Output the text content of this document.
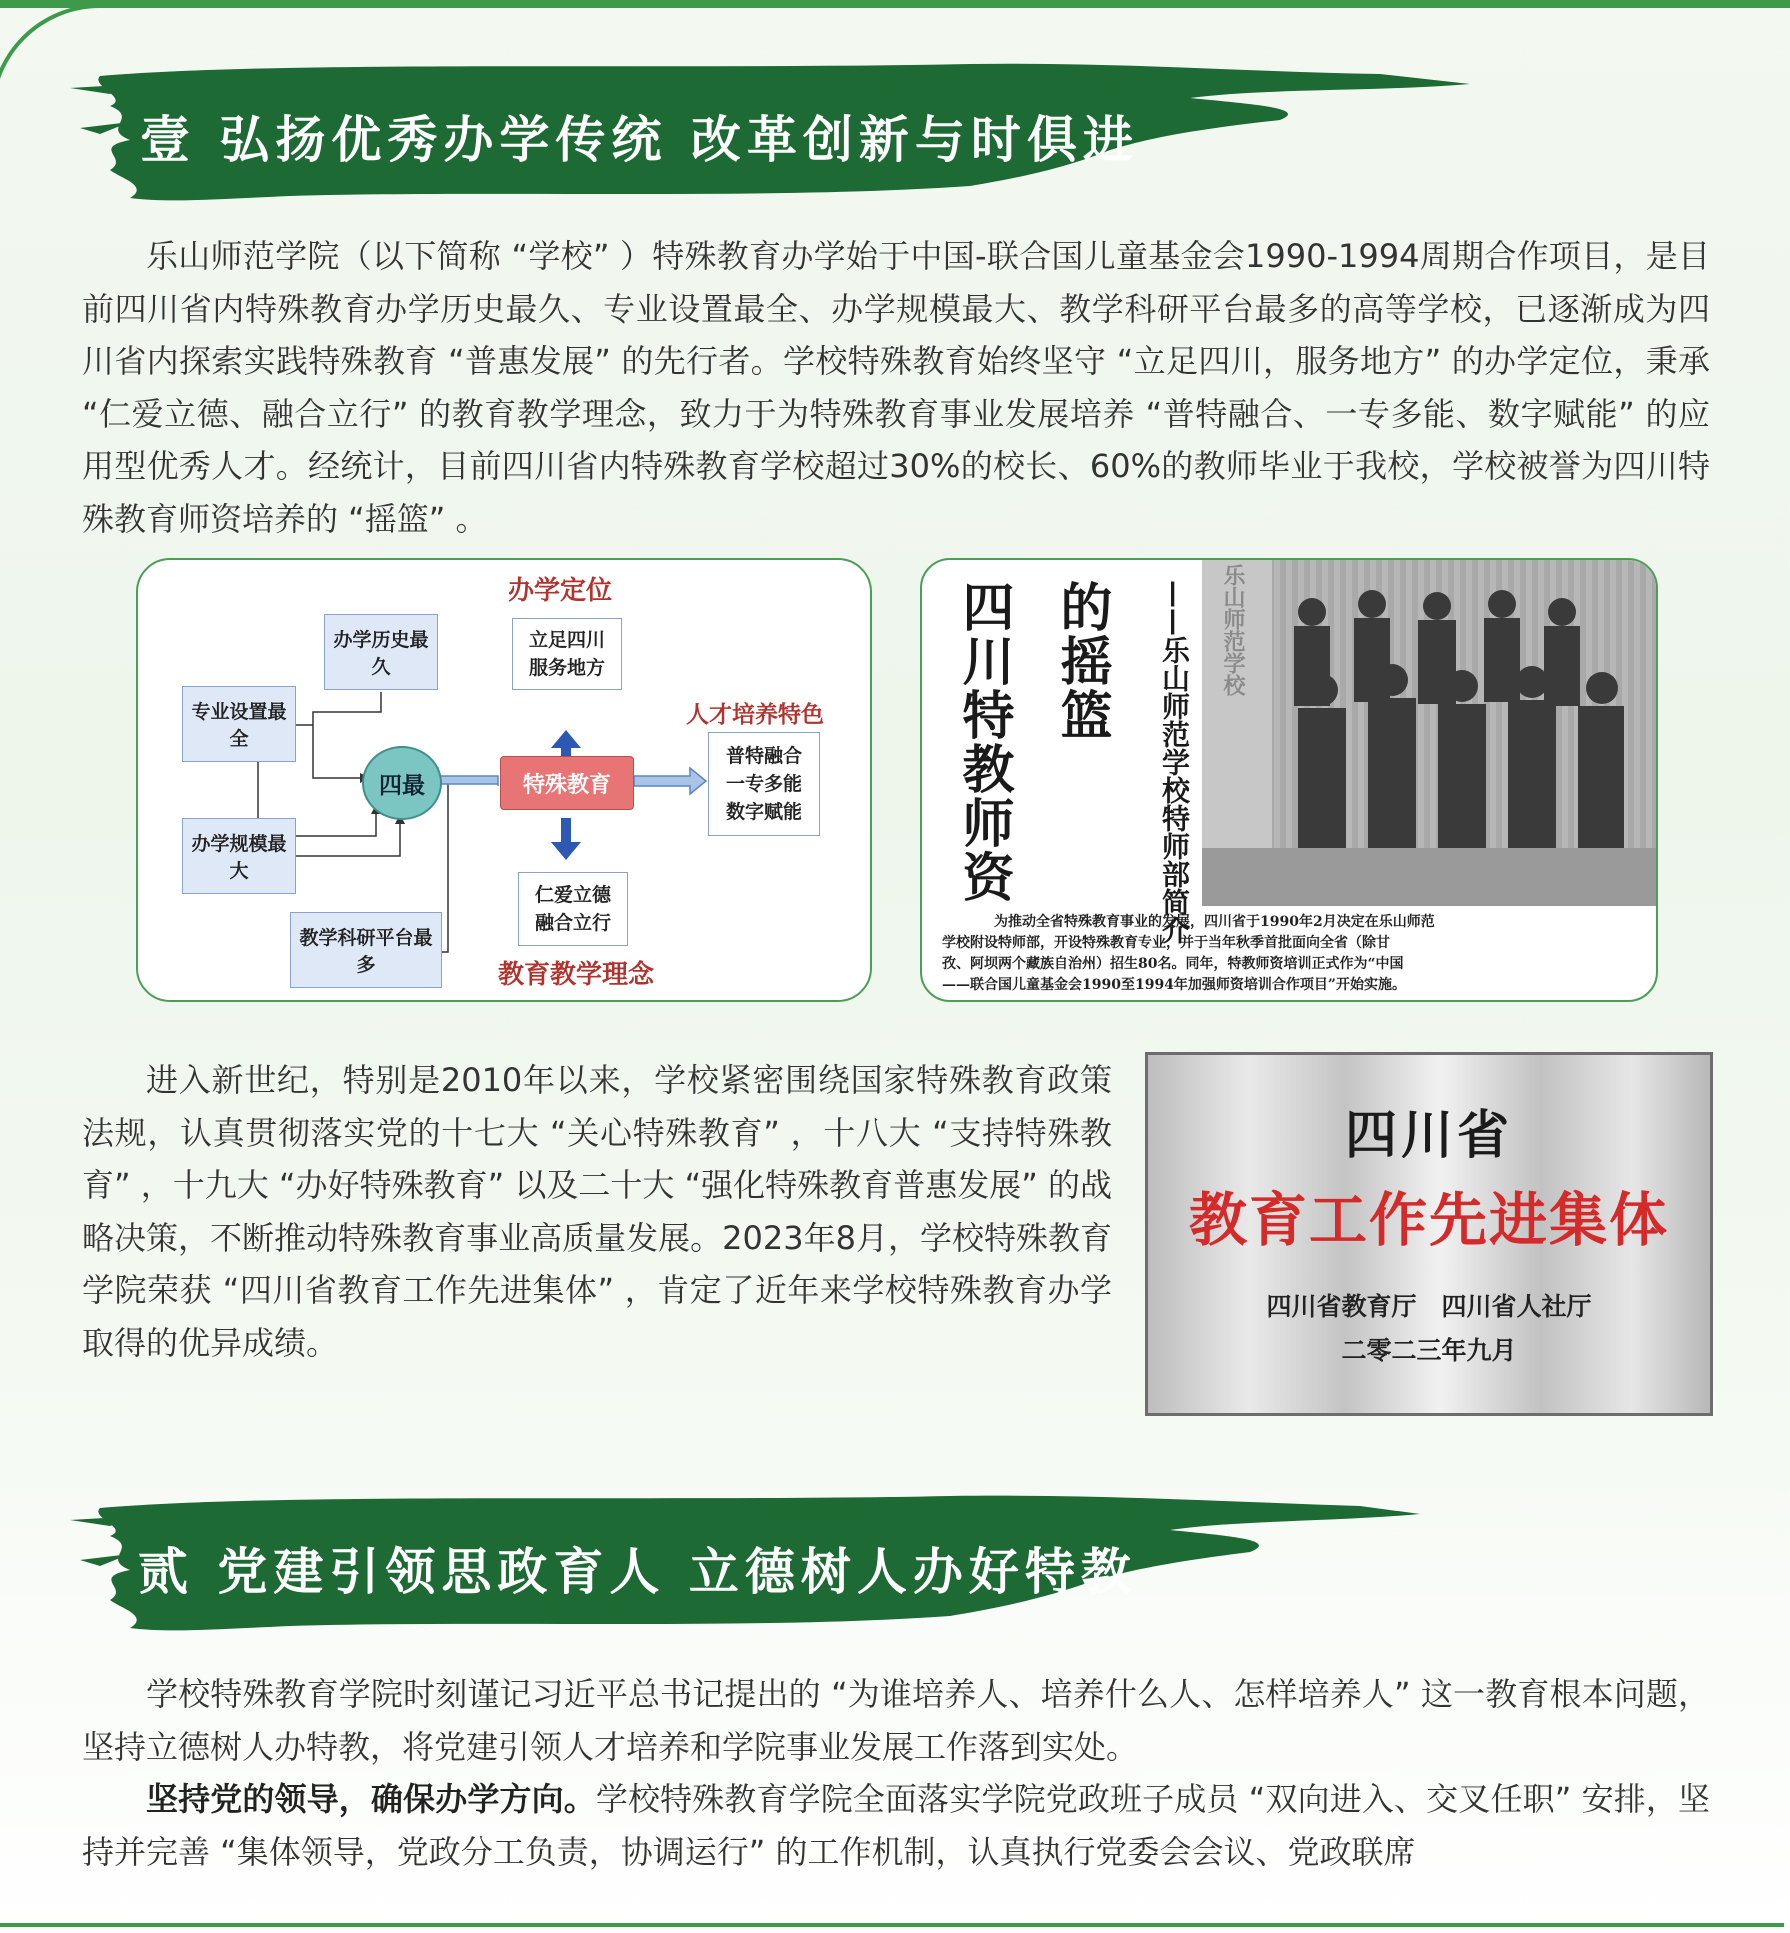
壹 弘扬优秀办学传统 改革创新与时俱进

乐山师范学院（以下简称 “学校” ）特殊教育办学始于中国-联合国儿童基金会1990-1994周期合作项目，是目前四川省内特殊教育办学历史最久、专业设置最全、办学规模最大、教学科研平台最多的高等学校，已逐渐成为四川省内探索实践特殊教育 “普惠发展” 的先行者。学校特殊教育始终坚守 “立足四川，服务地方” 的办学定位，秉承 “仁爱立德、融合立行” 的教育教学理念，致力于为特殊教育事业发展培养 “普特融合、一专多能、数字赋能” 的应用型优秀人才。经统计，目前四川省内特殊教育学校超过30%的校长、60%的教师毕业于我校，学校被誉为四川特殊教育师资培养的 “摇篮” 。

办学定位
人才培养特色
教育教学理念
办学历史最久
专业设置最全
办学规模最大
教学科研平台最多
四最	特殊教育
立足四川
服务地方
普特融合
一专多能
数字赋能
仁爱立德
融合立行
乐山师范学校
四川特教师资 的摇篮 ——乐山师范学校特师部简介
为推动全省特殊教育事业的发展，四川省于1990年2月决定在乐山师范
学校附设特师部，开设特殊教育专业，并于当年秋季首批面向全省（除甘
孜、阿坝两个藏族自治州）招生80名。同年，特教师资培训正式作为“中国
——联合国儿童基金会1990至1994年加强师资培训合作项目”开始实施。

进入新世纪，特别是2010年以来，学校紧密围绕国家特殊教育政策法规，认真贯彻落实党的十七大 “关心特殊教育” ，十八大 “支持特殊教育” ，十九大 “办好特殊教育” 以及二十大 “强化特殊教育普惠发展” 的战略决策，不断推动特殊教育事业高质量发展。2023年8月，学校特殊教育学院荣获 “四川省教育工作先进集体” ，肯定了近年来学校特殊教育办学取得的优异成绩。

四川省
教育工作先进集体
四川省教育厅　四川省人社厅
二零二三年九月
贰 党建引领思政育人 立德树人办好特教

学校特殊教育学院时刻谨记习近平总书记提出的 “为谁培养人、培养什么人、怎样培养人” 这一教育根本问题，坚持立德树人办特教，将党建引领人才培养和学院事业发展工作落到实处。

坚持党的领导，确保办学方向。学校特殊教育学院全面落实学院党政班子成员 “双向进入、交叉任职” 安排，坚持并完善 “集体领导，党政分工负责，协调运行” 的工作机制，认真执行党委会会议、党政联席
